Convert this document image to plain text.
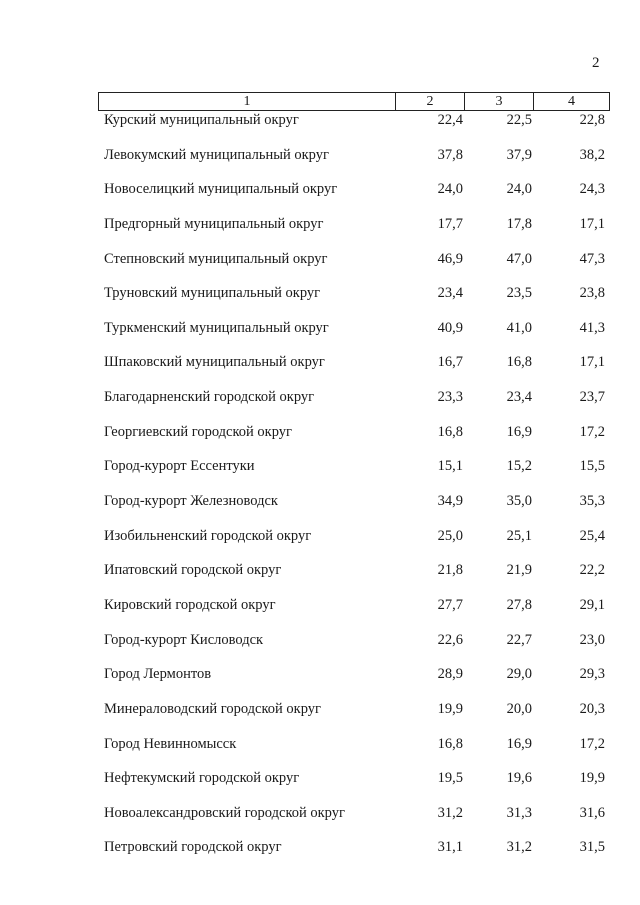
2
1	2	3	4
Курский муниципальный округ	22,4	22,5	22,8
Левокумский муниципальный округ	37,8	37,9	38,2
Новоселицкий муниципальный округ	24,0	24,0	24,3
Предгорный муниципальный округ	17,7	17,8	17,1
Степновский муниципальный округ	46,9	47,0	47,3
Труновский муниципальный округ	23,4	23,5	23,8
Туркменский муниципальный округ	40,9	41,0	41,3
Шпаковский муниципальный округ	16,7	16,8	17,1
Благодарненский городской округ	23,3	23,4	23,7
Георгиевский городской округ	16,8	16,9	17,2
Город-курорт Ессентуки	15,1	15,2	15,5
Город-курорт Железноводск	34,9	35,0	35,3
Изобильненский городской округ	25,0	25,1	25,4
Ипатовский городской округ	21,8	21,9	22,2
Кировский городской округ	27,7	27,8	29,1
Город-курорт Кисловодск	22,6	22,7	23,0
Город Лермонтов	28,9	29,0	29,3
Минераловодский городской округ	19,9	20,0	20,3
Город Невинномысск	16,8	16,9	17,2
Нефтекумский городской округ	19,5	19,6	19,9
Новоалександровский городской округ	31,2	31,3	31,6
Петровский городской округ	31,1	31,2	31,5
